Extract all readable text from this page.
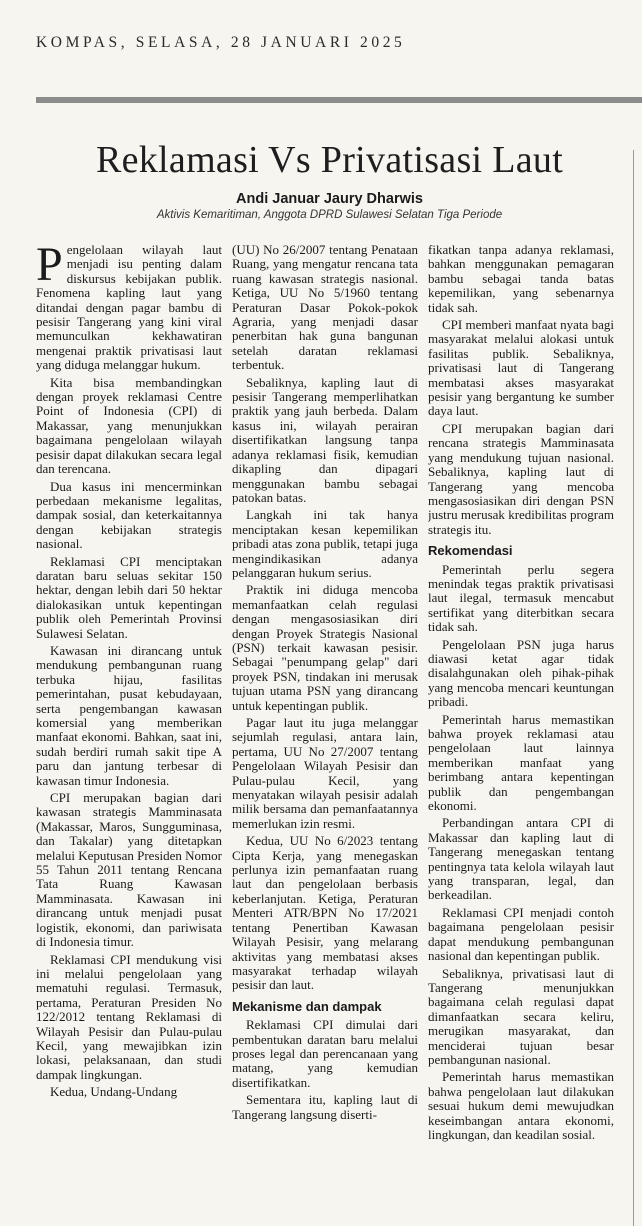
KOMPAS, SELASA, 28 JANUARI 2025
Reklamasi Vs Privatisasi Laut
Andi Januar Jaury Dharwis
Aktivis Kemaritiman, Anggota DPRD Sulawesi Selatan Tiga Periode

Pengelolaan wilayah laut menjadi isu penting dalam diskursus kebijakan publik. Fenomena kapling laut yang ditandai dengan pagar bambu di pesisir Tangerang yang kini viral memunculkan kekhawatiran mengenai praktik privatisasi laut yang diduga melanggar hukum.

Kita bisa membandingkan dengan proyek reklamasi Centre Point of Indonesia (CPI) di Makassar, yang menunjukkan bagaimana pengelolaan wilayah pesisir dapat dilakukan secara legal dan terencana.

Dua kasus ini mencerminkan perbedaan mekanisme legalitas, dampak sosial, dan keterkaitannya dengan kebijakan strategis nasional.

Reklamasi CPI menciptakan daratan baru seluas sekitar 150 hektar, dengan lebih dari 50 hektar dialokasikan untuk kepentingan publik oleh Pemerintah Provinsi Sulawesi Selatan.

Kawasan ini dirancang untuk mendukung pembangunan ruang terbuka hijau, fasilitas pemerintahan, pusat kebudayaan, serta pengembangan kawasan komersial yang memberikan manfaat ekonomi. Bahkan, saat ini, sudah berdiri rumah sakit tipe A paru dan jantung terbesar di kawasan timur Indonesia.

CPI merupakan bagian dari kawasan strategis Mamminasata (Makassar, Maros, Sungguminasa, dan Takalar) yang ditetapkan melalui Keputusan Presiden Nomor 55 Tahun 2011 tentang Rencana Tata Ruang Kawasan Mamminasata. Kawasan ini dirancang untuk menjadi pusat logistik, ekonomi, dan pariwisata di Indonesia timur.

Reklamasi CPI mendukung visi ini melalui pengelolaan yang mematuhi regulasi. Termasuk, pertama, Peraturan Presiden No 122/2012 tentang Reklamasi di Wilayah Pesisir dan Pulau-pulau Kecil, yang mewajibkan izin lokasi, pelaksanaan, dan studi dampak lingkungan.

Kedua, Undang-Undang

(UU) No 26/2007 tentang Penataan Ruang, yang mengatur rencana tata ruang kawasan strategis nasional. Ketiga, UU No 5/1960 tentang Peraturan Dasar Pokok-pokok Agraria, yang menjadi dasar penerbitan hak guna bangunan setelah daratan reklamasi terbentuk.

Sebaliknya, kapling laut di pesisir Tangerang memperlihatkan praktik yang jauh berbeda. Dalam kasus ini, wilayah perairan disertifikatkan langsung tanpa adanya reklamasi fisik, kemudian dikapling dan dipagari menggunakan bambu sebagai patokan batas.

Langkah ini tak hanya menciptakan kesan kepemilikan pribadi atas zona publik, tetapi juga mengindikasikan adanya pelanggaran hukum serius.

Praktik ini diduga mencoba memanfaatkan celah regulasi dengan mengasosiasikan diri dengan Proyek Strategis Nasional (PSN) terkait kawasan pesisir. Sebagai "penumpang gelap" dari proyek PSN, tindakan ini merusak tujuan utama PSN yang dirancang untuk kepentingan publik.

Pagar laut itu juga melanggar sejumlah regulasi, antara lain, pertama, UU No 27/2007 tentang Pengelolaan Wilayah Pesisir dan Pulau-pulau Kecil, yang menyatakan wilayah pesisir adalah milik bersama dan pemanfaatannya memerlukan izin resmi.

Kedua, UU No 6/2023 tentang Cipta Kerja, yang menegaskan perlunya izin pemanfaatan ruang laut dan pengelolaan berbasis keberlanjutan. Ketiga, Peraturan Menteri ATR/BPN No 17/2021 tentang Penertiban Kawasan Wilayah Pesisir, yang melarang aktivitas yang membatasi akses masyarakat terhadap wilayah pesisir dan laut.

Mekanisme dan dampak

Reklamasi CPI dimulai dari pembentukan daratan baru melalui proses legal dan perencanaan yang matang, yang kemudian disertifikatkan.

Sementara itu, kapling laut di Tangerang langsung diserti-

fikatkan tanpa adanya reklamasi, bahkan menggunakan pemagaran bambu sebagai tanda batas kepemilikan, yang sebenarnya tidak sah.

CPI memberi manfaat nyata bagi masyarakat melalui alokasi untuk fasilitas publik. Sebaliknya, privatisasi laut di Tangerang membatasi akses masyarakat pesisir yang bergantung ke sumber daya laut.

CPI merupakan bagian dari rencana strategis Mamminasata yang mendukung tujuan nasional. Sebaliknya, kapling laut di Tangerang yang mencoba mengasosiasikan diri dengan PSN justru merusak kredibilitas program strategis itu.

Rekomendasi

Pemerintah perlu segera menindak tegas praktik privatisasi laut ilegal, termasuk mencabut sertifikat yang diterbitkan secara tidak sah.

Pengelolaan PSN juga harus diawasi ketat agar tidak disalahgunakan oleh pihak-pihak yang mencoba mencari keuntungan pribadi.

Pemerintah harus memastikan bahwa proyek reklamasi atau pengelolaan laut lainnya memberikan manfaat yang berimbang antara kepentingan publik dan pengembangan ekonomi.

Perbandingan antara CPI di Makassar dan kapling laut di Tangerang menegaskan tentang pentingnya tata kelola wilayah laut yang transparan, legal, dan berkeadilan.

Reklamasi CPI menjadi contoh bagaimana pengelolaan pesisir dapat mendukung pembangunan nasional dan kepentingan publik.

Sebaliknya, privatisasi laut di Tangerang menunjukkan bagaimana celah regulasi dapat dimanfaatkan secara keliru, merugikan masyarakat, dan menciderai tujuan besar pembangunan nasional.

Pemerintah harus memastikan bahwa pengelolaan laut dilakukan sesuai hukum demi mewujudkan keseimbangan antara ekonomi, lingkungan, dan keadilan sosial.
